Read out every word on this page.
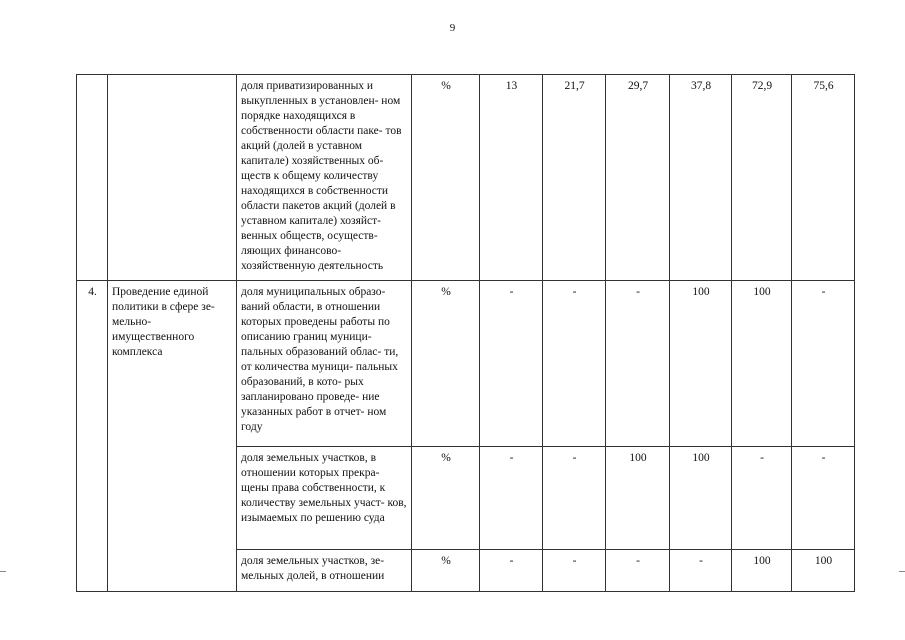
9
		доля приватизированных и выкупленных в установлен- ном порядке находящихся в собственности области паке- тов акций (долей в уставном капитале) хозяйственных об- ществ к общему количеству находящихся в собственности области пакетов акций (долей в уставном капитале) хозяйст- венных обществ, осуществ- ляющих финансово- хозяйственную деятельность	%	13	21,7	29,7	37,8	72,9	75,6
4.	Проведение единой политики в сфере зе- мельно- имущественного комплекса	доля муниципальных образо- ваний области, в отношении которых проведены работы по описанию границ муници- пальных образований облас- ти, от количества муници- пальных образований, в кото- рых запланировано проведе- ние указанных работ в отчет- ном году	%	-	-	-	100	100	-
		доля земельных участков, в отношении которых прекра- щены права собственности, к количеству земельных участ- ков, изымаемых по решению суда	%	-	-	100	100	-	-
		доля земельных участков, зе- мельных долей, в отношении	%	-	-	-	-	100	100
